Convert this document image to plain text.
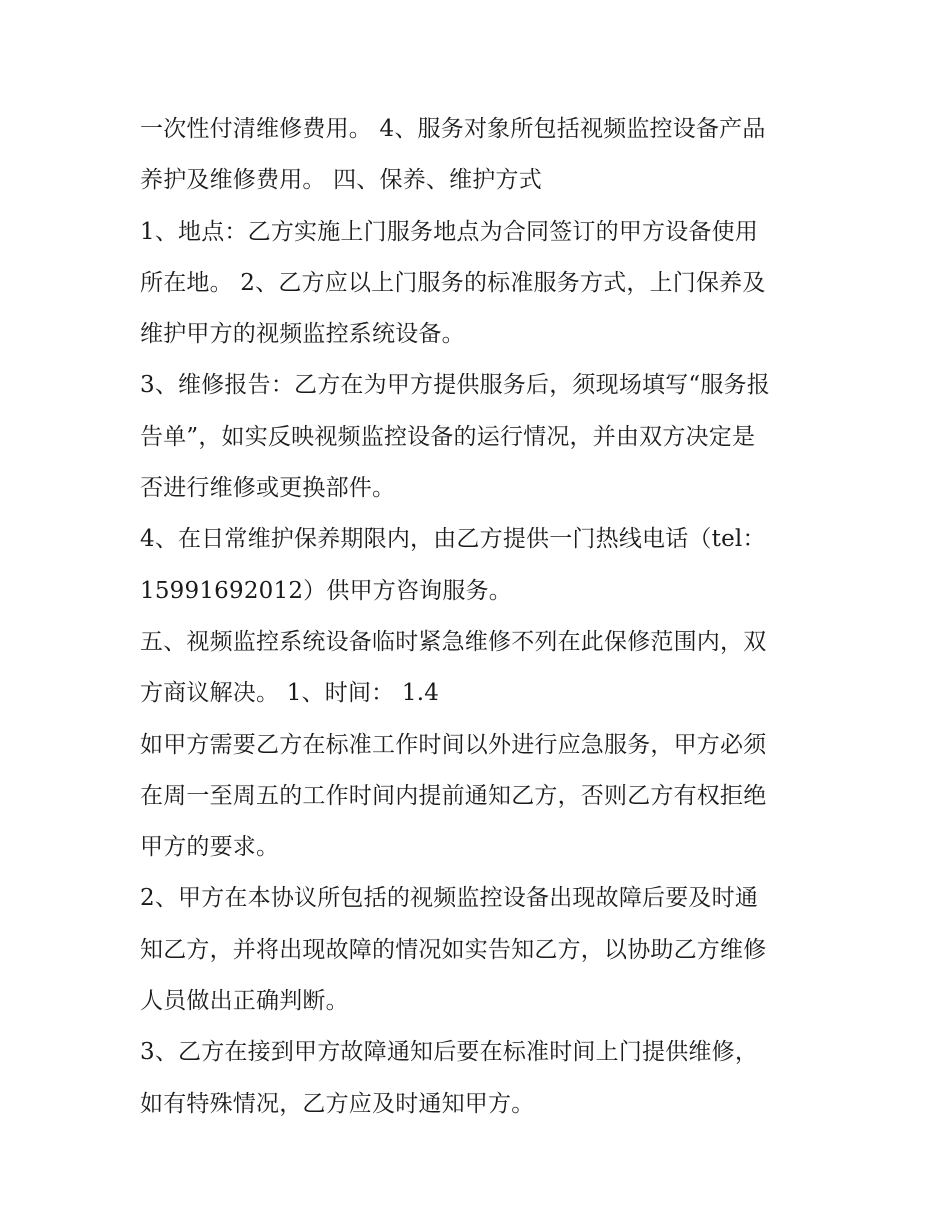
一次性付清维修费用。 4、服务对象所包括视频监控设备产品
养护及维修费用。 四、保养、维护方式
1、地点：乙方实施上门服务地点为合同签订的甲方设备使用
所在地。 2、乙方应以上门服务的标准服务方式，上门保养及
维护甲方的视频监控系统设备。
3、维修报告：乙方在为甲方提供服务后，须现场填写“服务报
告单”，如实反映视频监控设备的运行情况，并由双方决定是
否进行维修或更换部件。
4、在日常维护保养期限内，由乙方提供一门热线电话（tel：
15991692012）供甲方咨询服务。
五、视频监控系统设备临时紧急维修不列在此保修范围内，双
方商议解决。 1、时间： 1.4
如甲方需要乙方在标准工作时间以外进行应急服务，甲方必须
在周一至周五的工作时间内提前通知乙方，否则乙方有权拒绝
甲方的要求。
2、甲方在本协议所包括的视频监控设备出现故障后要及时通
知乙方，并将出现故障的情况如实告知乙方，以协助乙方维修
人员做出正确判断。
3、乙方在接到甲方故障通知后要在标准时间上门提供维修，
如有特殊情况，乙方应及时通知甲方。
